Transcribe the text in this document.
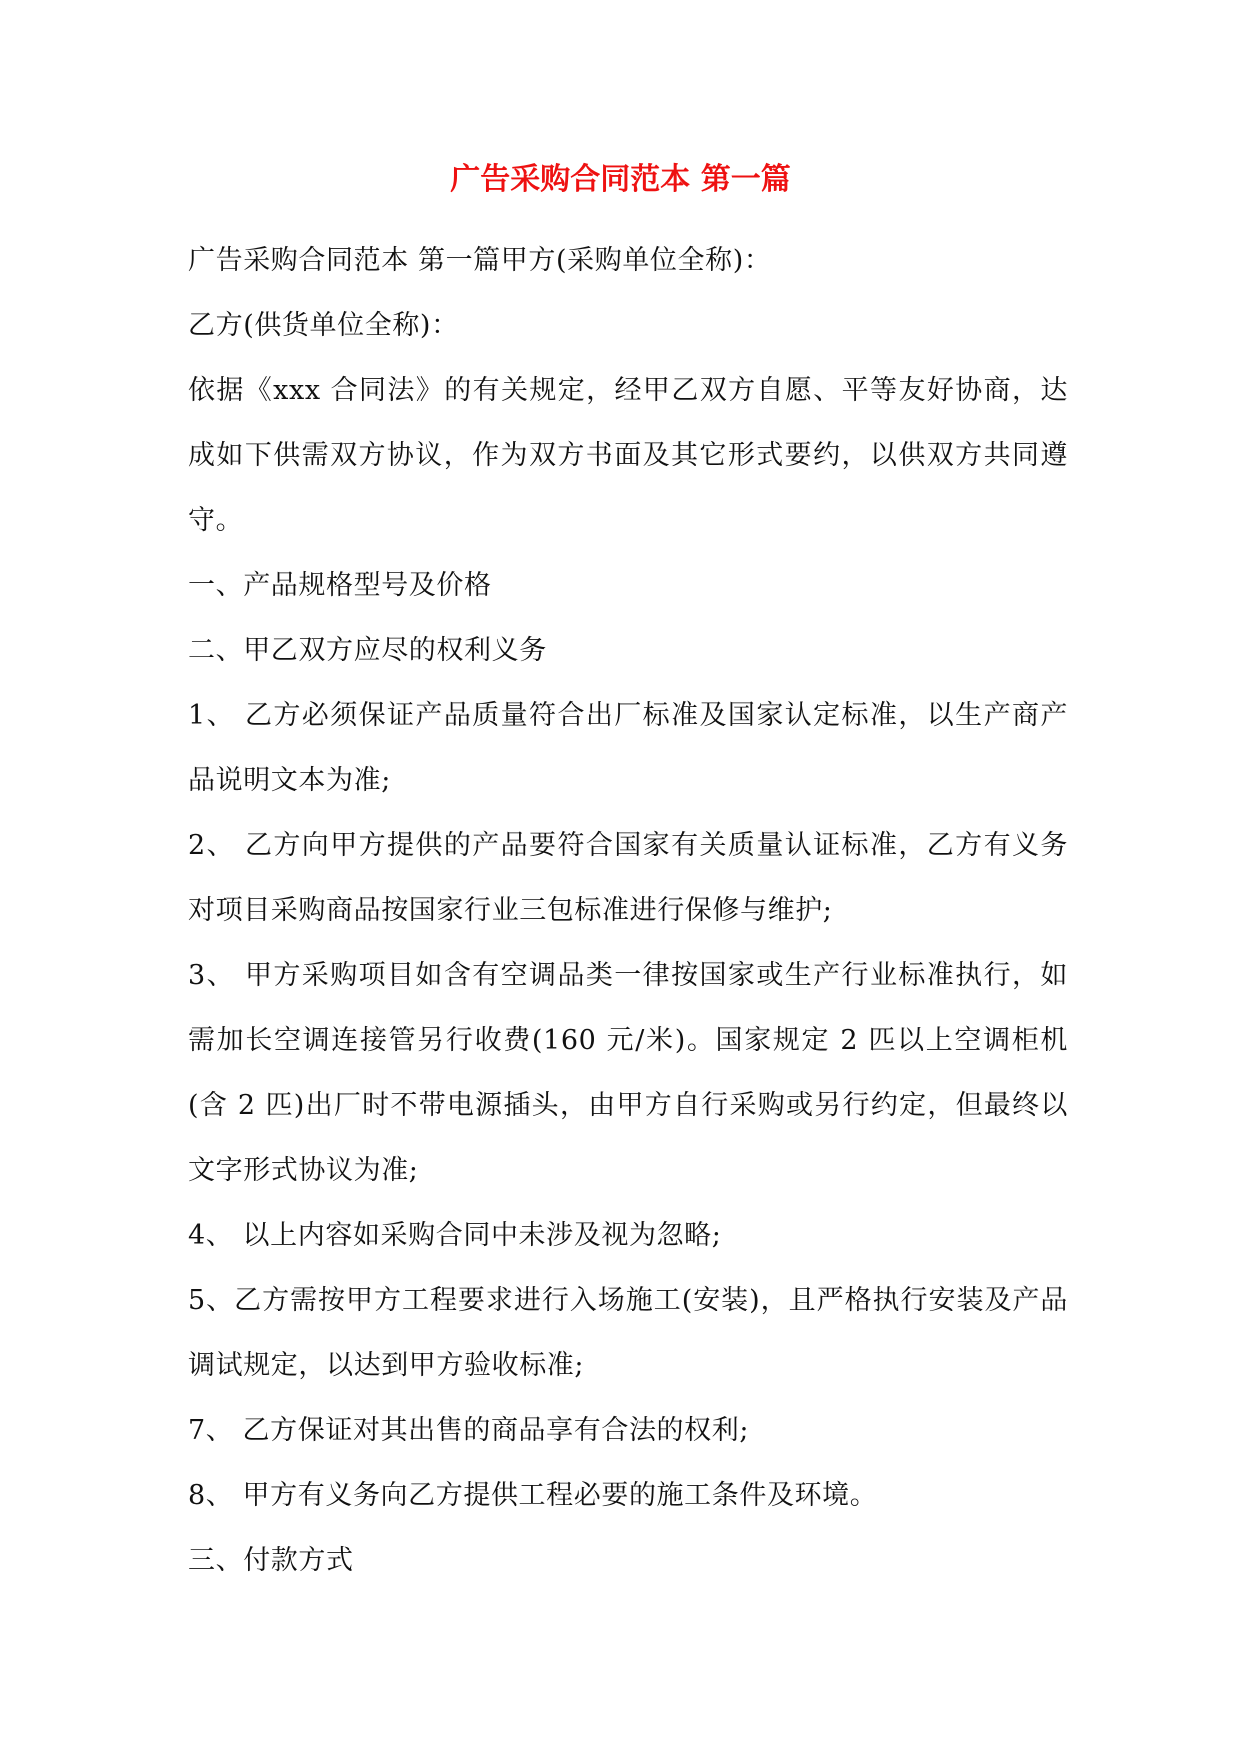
广告采购合同范本 第一篇

广告采购合同范本 第一篇甲方(采购单位全称)：

乙方(供货单位全称)：

依据《xxx 合同法》的有关规定，经甲乙双方自愿、平等友好协商，达成如下供需双方协议，作为双方书面及其它形式要约，以供双方共同遵守。

一、产品规格型号及价格

二、甲乙双方应尽的权利义务

1、 乙方必须保证产品质量符合出厂标准及国家认定标准，以生产商产品说明文本为准;

2、 乙方向甲方提供的产品要符合国家有关质量认证标准，乙方有义务对项目采购商品按国家行业三包标准进行保修与维护;

3、 甲方采购项目如含有空调品类一律按国家或生产行业标准执行，如需加长空调连接管另行收费(160 元/米)。国家规定 2 匹以上空调柜机(含 2 匹)出厂时不带电源插头，由甲方自行采购或另行约定，但最终以文字形式协议为准;

4、 以上内容如采购合同中未涉及视为忽略;

5、乙方需按甲方工程要求进行入场施工(安装)，且严格执行安装及产品调试规定，以达到甲方验收标准;

7、 乙方保证对其出售的商品享有合法的权利;

8、 甲方有义务向乙方提供工程必要的施工条件及环境。

三、付款方式
